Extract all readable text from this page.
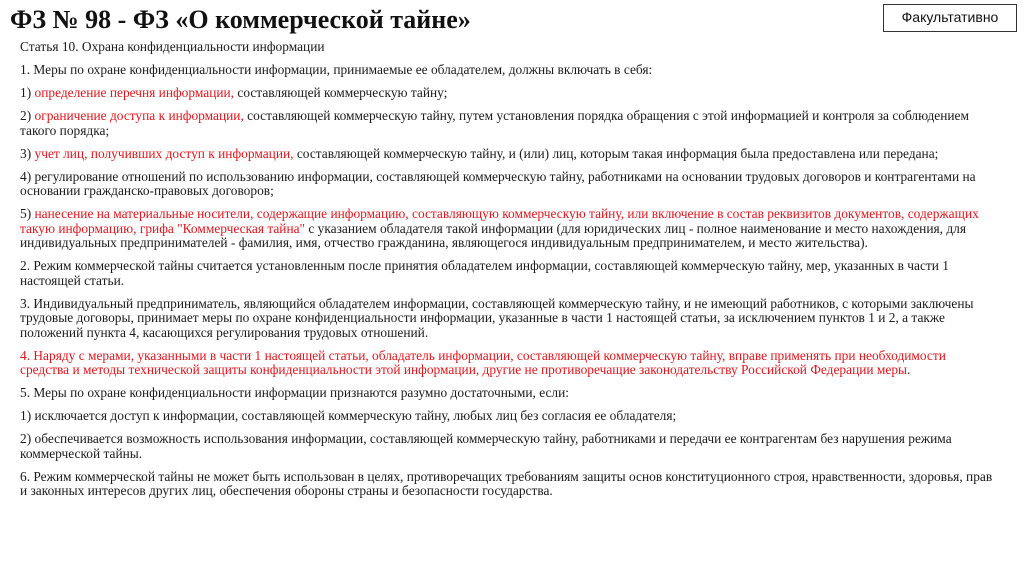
ФЗ № 98 - ФЗ «О коммерческой тайне»	Факультативно

Статья 10. Охрана конфиденциальности информации

1. Меры по охране конфиденциальности информации, принимаемые ее обладателем, должны включать в себя:

1) определение перечня информации, составляющей коммерческую тайну;

2) ограничение доступа к информации, составляющей коммерческую тайну, путем установления порядка обращения с этой информацией и контроля за соблюдением такого порядка;

3) учет лиц, получивших доступ к информации, составляющей коммерческую тайну, и (или) лиц, которым такая информация была предоставлена или передана;

4) регулирование отношений по использованию информации, составляющей коммерческую тайну, работниками на основании трудовых договоров и контрагентами на основании гражданско-правовых договоров;

5) нанесение на материальные носители, содержащие информацию, составляющую коммерческую тайну, или включение в состав реквизитов документов, содержащих такую информацию, грифа "Коммерческая тайна" с указанием обладателя такой информации (для юридических лиц - полное наименование и место нахождения, для индивидуальных предпринимателей - фамилия, имя, отчество гражданина, являющегося индивидуальным предпринимателем, и место жительства).

2. Режим коммерческой тайны считается установленным после принятия обладателем информации, составляющей коммерческую тайну, мер, указанных в части 1 настоящей статьи.

3. Индивидуальный предприниматель, являющийся обладателем информации, составляющей коммерческую тайну, и не имеющий работников, с которыми заключены трудовые договоры, принимает меры по охране конфиденциальности информации, указанные в части 1 настоящей статьи, за исключением пунктов 1 и 2, а также положений пункта 4, касающихся регулирования трудовых отношений.

4. Наряду с мерами, указанными в части 1 настоящей статьи, обладатель информации, составляющей коммерческую тайну, вправе применять при необходимости средства и методы технической защиты конфиденциальности этой информации, другие не противоречащие законодательству Российской Федерации меры.

5. Меры по охране конфиденциальности информации признаются разумно достаточными, если:

1) исключается доступ к информации, составляющей коммерческую тайну, любых лиц без согласия ее обладателя;

2) обеспечивается возможность использования информации, составляющей коммерческую тайну, работниками и передачи ее контрагентам без нарушения режима коммерческой тайны.

6. Режим коммерческой тайны не может быть использован в целях, противоречащих требованиям защиты основ конституционного строя, нравственности, здоровья, прав и законных интересов других лиц, обеспечения обороны страны и безопасности государства.
